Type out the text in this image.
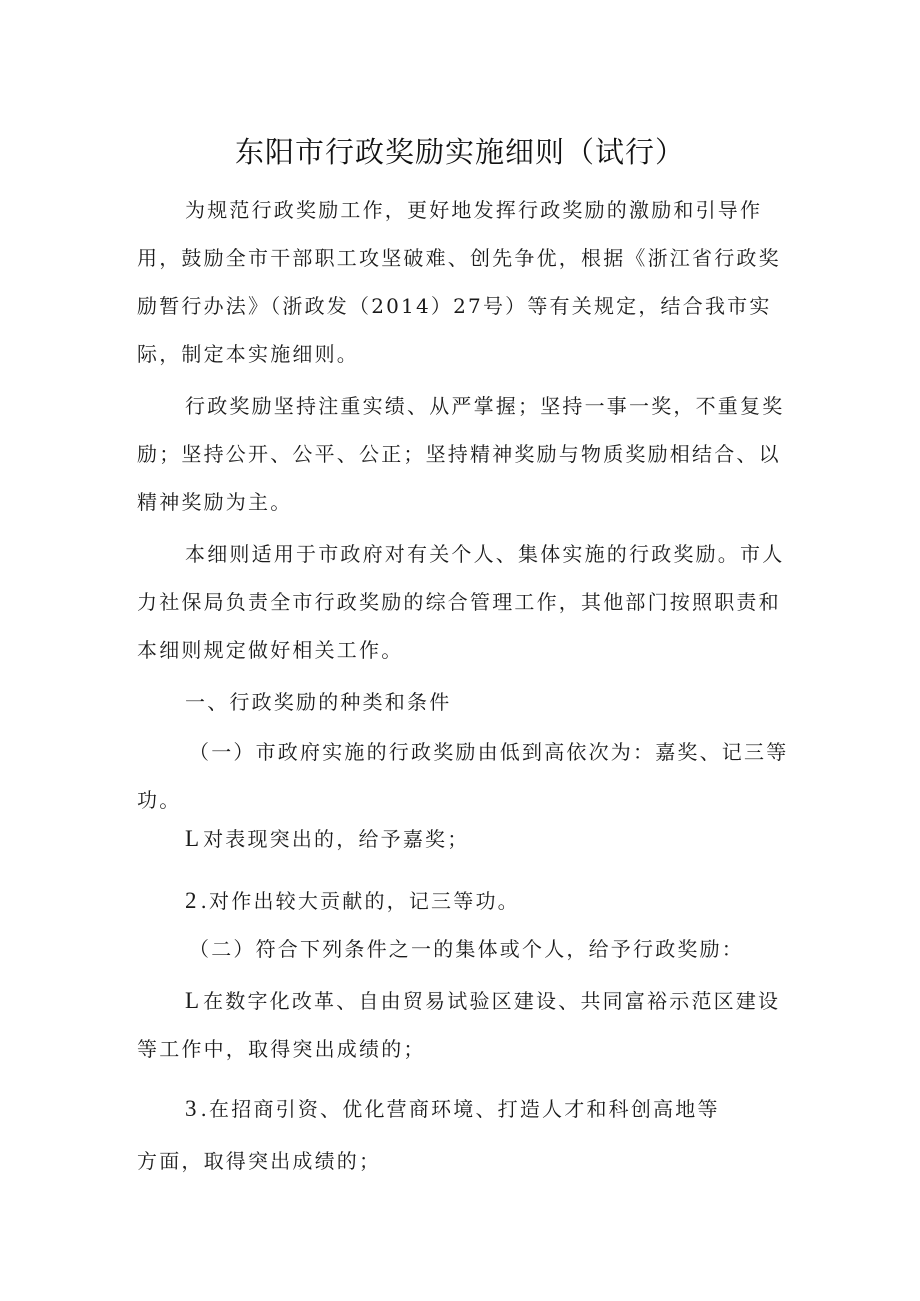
东阳市行政奖励实施细则（试行）

为规范行政奖励工作，更好地发挥行政奖励的激励和引导作用，鼓励全市干部职工攻坚破难、创先争优，根据《浙江省行政奖励暂行办法》（浙政发（2014）27号）等有关规定，结合我市实际，制定本实施细则。

行政奖励坚持注重实绩、从严掌握；坚持一事一奖，不重复奖励；坚持公开、公平、公正；坚持精神奖励与物质奖励相结合、以精神奖励为主。

本细则适用于市政府对有关个人、集体实施的行政奖励。市人力社保局负责全市行政奖励的综合管理工作，其他部门按照职责和本细则规定做好相关工作。

一、行政奖励的种类和条件

（一）市政府实施的行政奖励由低到高依次为：嘉奖、记三等功。

L 对表现突出的，给予嘉奖；

2 .对作出较大贡献的，记三等功。

（二）符合下列条件之一的集体或个人，给予行政奖励：

L 在数字化改革、自由贸易试验区建设、共同富裕示范区建设等工作中，取得突出成绩的；

3 .在招商引资、优化营商环境、打造人才和科创高地等

方面，取得突出成绩的；
